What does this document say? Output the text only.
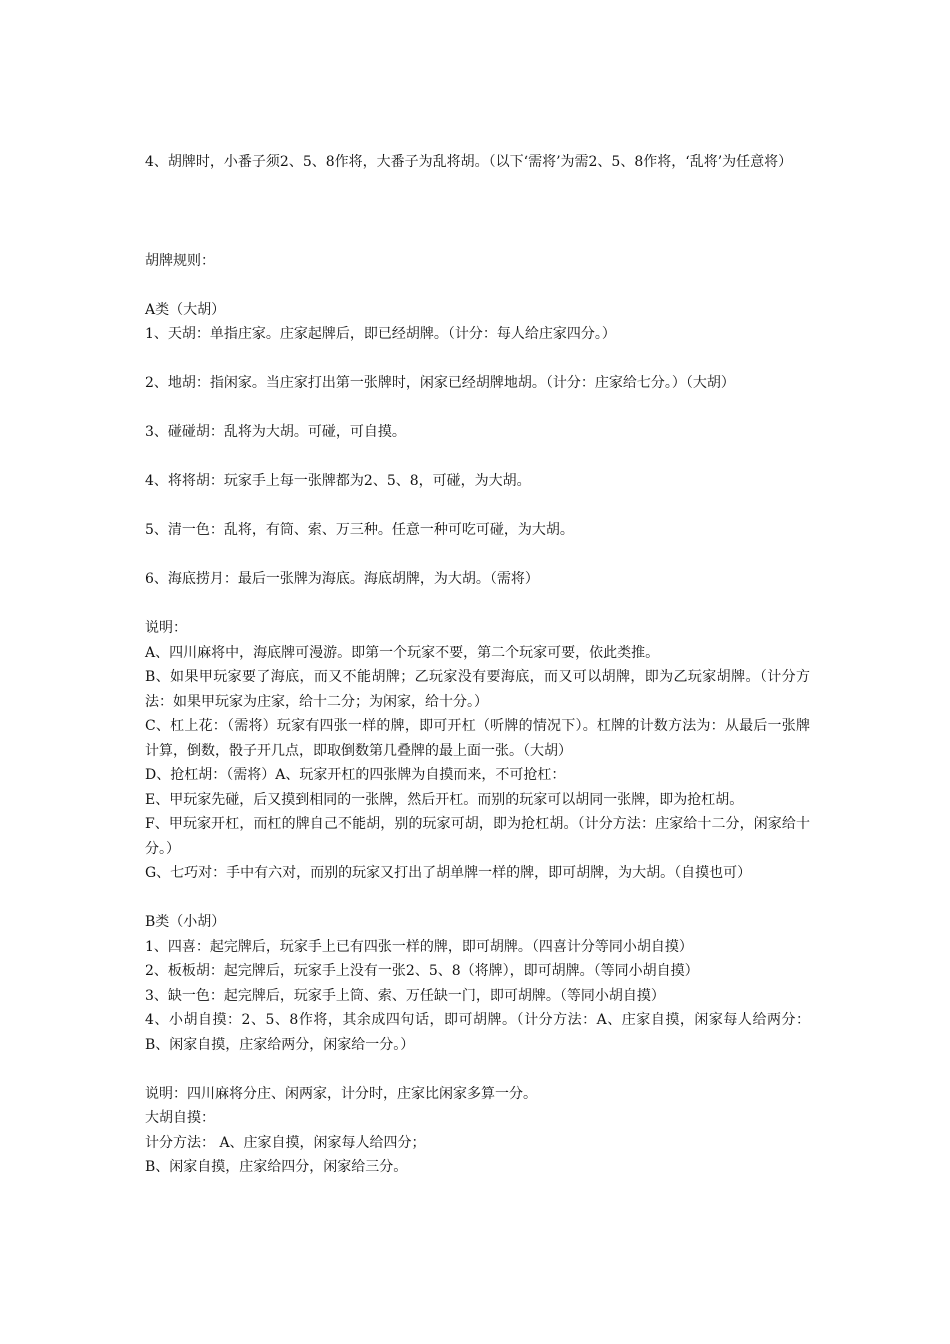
4、胡牌时，小番子须2、5、8作将，大番子为乱将胡。（以下‘需将’为需2、5、8作将，‘乱将’为任意将）

胡牌规则：

A类（大胡）

1、天胡：单指庄家。庄家起牌后，即已经胡牌。（计分：每人给庄家四分。）

2、地胡：指闲家。当庄家打出第一张牌时，闲家已经胡牌地胡。（计分：庄家给七分。）（大胡）

3、碰碰胡：乱将为大胡。可碰，可自摸。

4、将将胡：玩家手上每一张牌都为2、5、8，可碰，为大胡。

5、清一色：乱将，有筒、索、万三种。任意一种可吃可碰，为大胡。

6、海底捞月：最后一张牌为海底。海底胡牌，为大胡。（需将）

说明：

A、四川麻将中，海底牌可漫游。即第一个玩家不要，第二个玩家可要，依此类推。

B、如果甲玩家要了海底，而又不能胡牌；乙玩家没有要海底，而又可以胡牌，即为乙玩家胡牌。（计分方法：如果甲玩家为庄家，给十二分；为闲家，给十分。）

C、杠上花：（需将）玩家有四张一样的牌，即可开杠（听牌的情况下）。杠牌的计数方法为：从最后一张牌计算，倒数，骰子开几点，即取倒数第几叠牌的最上面一张。（大胡）

D、抢杠胡：（需将）A、玩家开杠的四张牌为自摸而来，不可抢杠：

E、甲玩家先碰，后又摸到相同的一张牌，然后开杠。而别的玩家可以胡同一张牌，即为抢杠胡。

F、甲玩家开杠，而杠的牌自己不能胡，别的玩家可胡，即为抢杠胡。（计分方法：庄家给十二分，闲家给十分。）

G、七巧对：手中有六对，而别的玩家又打出了胡单牌一样的牌，即可胡牌，为大胡。（自摸也可）

B类（小胡）

1、四喜：起完牌后，玩家手上已有四张一样的牌，即可胡牌。（四喜计分等同小胡自摸）

2、板板胡：起完牌后，玩家手上没有一张2、5、8（将牌），即可胡牌。（等同小胡自摸）

3、缺一色：起完牌后，玩家手上筒、索、万任缺一门，即可胡牌。（等同小胡自摸）

4、小胡自摸：2、5、8作将，其余成四句话，即可胡牌。（计分方法：A、庄家自摸，闲家每人给两分：B、闲家自摸，庄家给两分，闲家给一分。）

说明：四川麻将分庄、闲两家，计分时，庄家比闲家多算一分。

大胡自摸：

计分方法： A、庄家自摸，闲家每人给四分；

B、闲家自摸，庄家给四分，闲家给三分。
